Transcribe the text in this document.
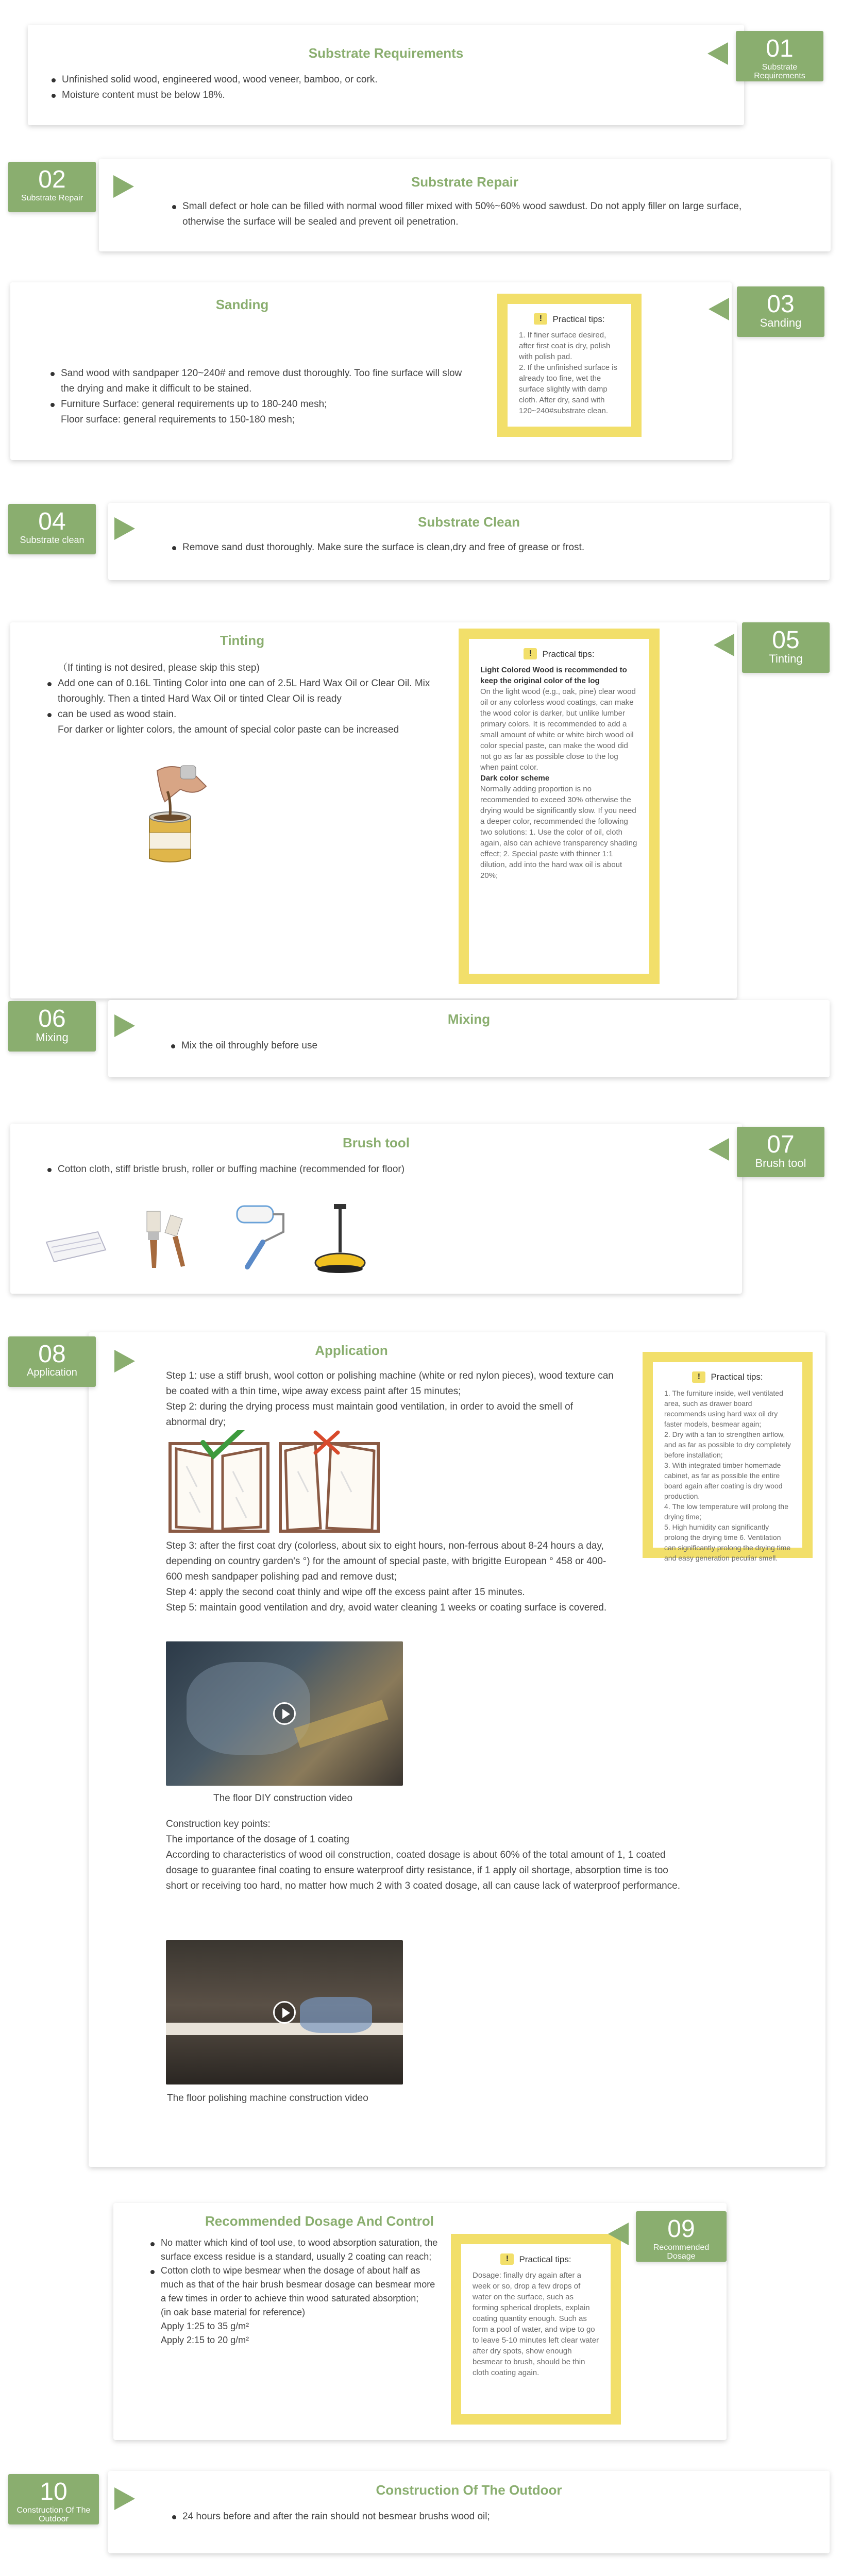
Substrate Requirements
Unfinished solid wood, engineered wood, wood veneer, bamboo, or cork.
Moisture content must be below 18%.
01
Substrate Requirements
Substrate Repair
Small defect or hole can be filled with normal wood filler mixed with 50%~60% wood sawdust. Do not apply filler on large surface, otherwise the surface will be sealed and prevent oil penetration.
02
Substrate Repair
Sanding
Sand wood with sandpaper 120~240# and remove dust thoroughly. Too fine surface will slow the drying and make it difficult to be stained.
Furniture Surface: general requirements up to 180-240 mesh;

Floor surface: general requirements to 150-180 mesh;

!
Practical tips:

1. If finer surface desired, after first coat is dry, polish with polish pad.

2. If the unfinished surface is already too fine, wet the surface slightly with damp cloth. After dry, sand with 120~240#substrate clean.

03
Sanding
Substrate Clean
Remove sand dust thoroughly. Make sure the surface is clean,dry and free of grease or frost.
04
Substrate clean
Tinting

（If tinting is not desired, please skip this step)

Add one can of 0.16L Tinting Color into one can of 2.5L Hard Wax Oil or Clear Oil. Mix thoroughly. Then a tinted Hard Wax Oil or tinted Clear Oil is ready
can be used as wood stain.

For darker or lighter colors, the amount of special color paste can be increased

!
Practical tips:

Light Colored Wood is recommended to keep the original color of the log

On the light wood (e.g., oak, pine) clear wood oil or any colorless wood coatings, can make the wood color is darker, but unlike lumber primary colors. It is recommended to add a small amount of white or white birch wood oil color special paste, can make the wood did not go as far as possible close to the log when paint color.

Dark color scheme

Normally adding proportion is no recommended to exceed 30% otherwise the drying would be significantly slow. If you need a deeper color, recommended the following two solutions: 1. Use the color of oil, cloth again, also can achieve transparency shading effect; 2. Special paste with thinner 1:1 dilution, add into the hard wax oil is about 20%;

05
Tinting
Mixing
Mix the oil throughly before use
06
Mixing
Brush tool
Cotton cloth, stiff bristle brush, roller or buffing machine (recommended for floor)
07
Brush tool
Application

Step 1: use a stiff brush, wool cotton or polishing machine (white or red nylon pieces), wood texture can be coated with a thin time, wipe away excess paint after 15 minutes;

Step 2: during the drying process must maintain good ventilation, in order to avoid the smell of abnormal dry;

Step 3: after the first coat dry (colorless, about six to eight hours, non-ferrous about 8-24 hours a day, depending on country garden's °) for the amount of special paste, with brigitte European ° 458 or 400-600 mesh sandpaper polishing pad and remove dust;

Step 4: apply the second coat thinly and wipe off the excess paint after 15 minutes.

Step 5: maintain good ventilation and dry, avoid water cleaning 1 weeks or coating surface is covered.

The floor DIY construction video

Construction key points:

The importance of the dosage of 1 coating

According to characteristics of wood oil construction, coated dosage is about 60% of the total amount of 1, 1 coated dosage to guarantee final coating to ensure waterproof dirty resistance, if 1 apply oil shortage, absorption time is too short or receiving too hard, no matter how much 2 with 3 coated dosage, all can cause lack of waterproof performance.

The floor polishing machine construction video
!
Practical tips:

1. The furniture inside, well ventilated area, such as drawer board recommends using hard wax oil dry faster models, besmear again;

2. Dry with a fan to strengthen airflow, and as far as possible to dry completely before installation;

3. With integrated timber homemade cabinet, as far as possible the entire board again after coating is dry wood production.

4. The low temperature will prolong the drying time;

5. High humidity can significantly prolong the drying time 6. Ventilation can significantly prolong the drying time and easy generation peculiar smell.

08
Application
Recommended Dosage And Control
No matter which kind of tool use, to wood absorption saturation, the surface excess residue is a standard, usually 2 coating can reach;
Cotton cloth to wipe besmear when the dosage of about half as much as that of the hair brush besmear dosage can besmear more a few times in order to achieve thin wood saturated absorption;

(in oak base material for reference)

Apply 1:25 to 35 g/m²

Apply 2:15 to 20 g/m²

!
Practical tips:

Dosage: finally dry again after a week or so, drop a few drops of water on the surface, such as forming spherical droplets, explain coating quantity enough. Such as form a pool of water, and wipe to go to leave 5-10 minutes left clear water after dry spots, show enough besmear to brush, should be thin cloth coating again.

09
Recommended Dosage
Construction Of The Outdoor
24 hours before and after the rain should not besmear brushs wood oil;
10
Construction Of The Outdoor
